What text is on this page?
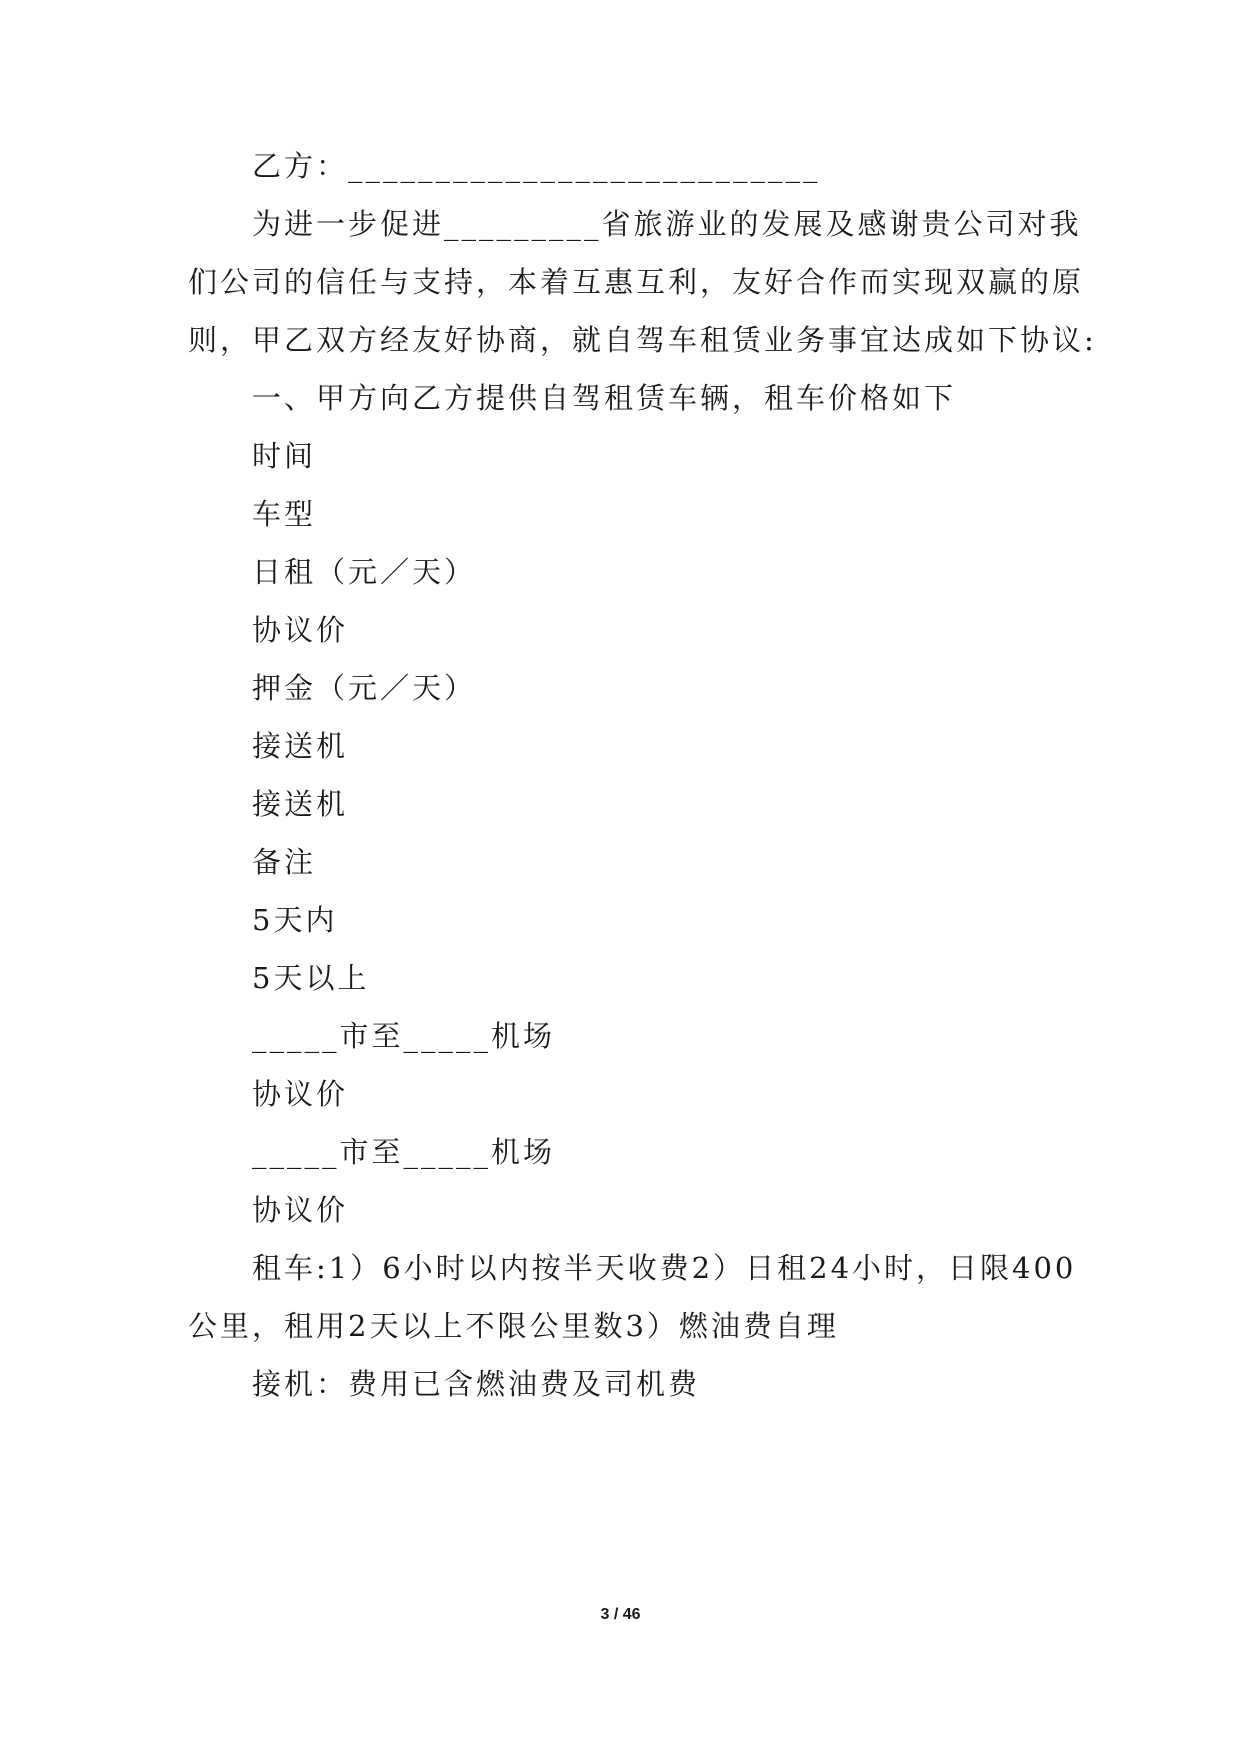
乙方：___________________________
为进一步促进_________省旅游业的发展及感谢贵公司对我
们公司的信任与支持，本着互惠互利，友好合作而实现双赢的原
则，甲乙双方经友好协商，就自驾车租赁业务事宜达成如下协议:
一、甲方向乙方提供自驾租赁车辆，租车价格如下
时间
车型
日租（元／天）
协议价
押金（元／天）
接送机
接送机
备注
5天内
5天以上
_____市至_____机场
协议价
_____市至_____机场
协议价
租车:1）6小时以内按半天收费2）日租24小时，日限400
公里，租用2天以上不限公里数3）燃油费自理
接机：费用已含燃油费及司机费
3 / 46
